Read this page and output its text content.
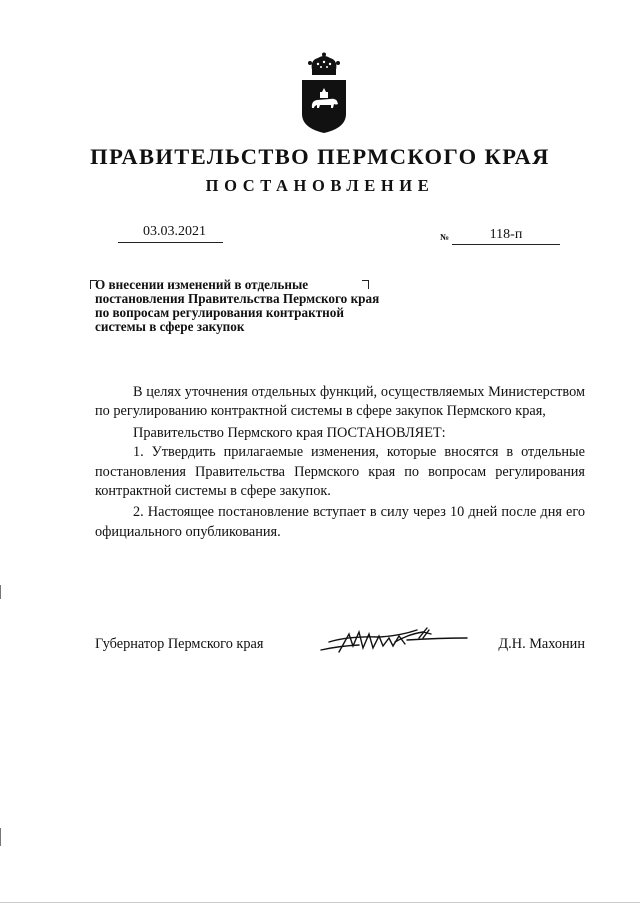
ПРАВИТЕЛЬСТВО ПЕРМСКОГО КРАЯ
ПОСТАНОВЛЕНИЕ
03.03.2021	№	118-п
О внесении изменений в отдельные
постановления Правительства Пермского края
по вопросам регулирования контрактной
системы в сфере закупок

В целях уточнения отдельных функций, осуществляемых Министерством по регулированию контрактной системы в сфере закупок Пермского края,

Правительство Пермского края ПОСТАНОВЛЯЕТ:

1. Утвердить прилагаемые изменения, которые вносятся в отдельные постановления Правительства Пермского края по вопросам регулирования контрактной системы в сфере закупок.

2. Настоящее постановление вступает в силу через 10 дней после дня его официального опубликования.

Губернатор Пермского края	Д.Н. Махонин
